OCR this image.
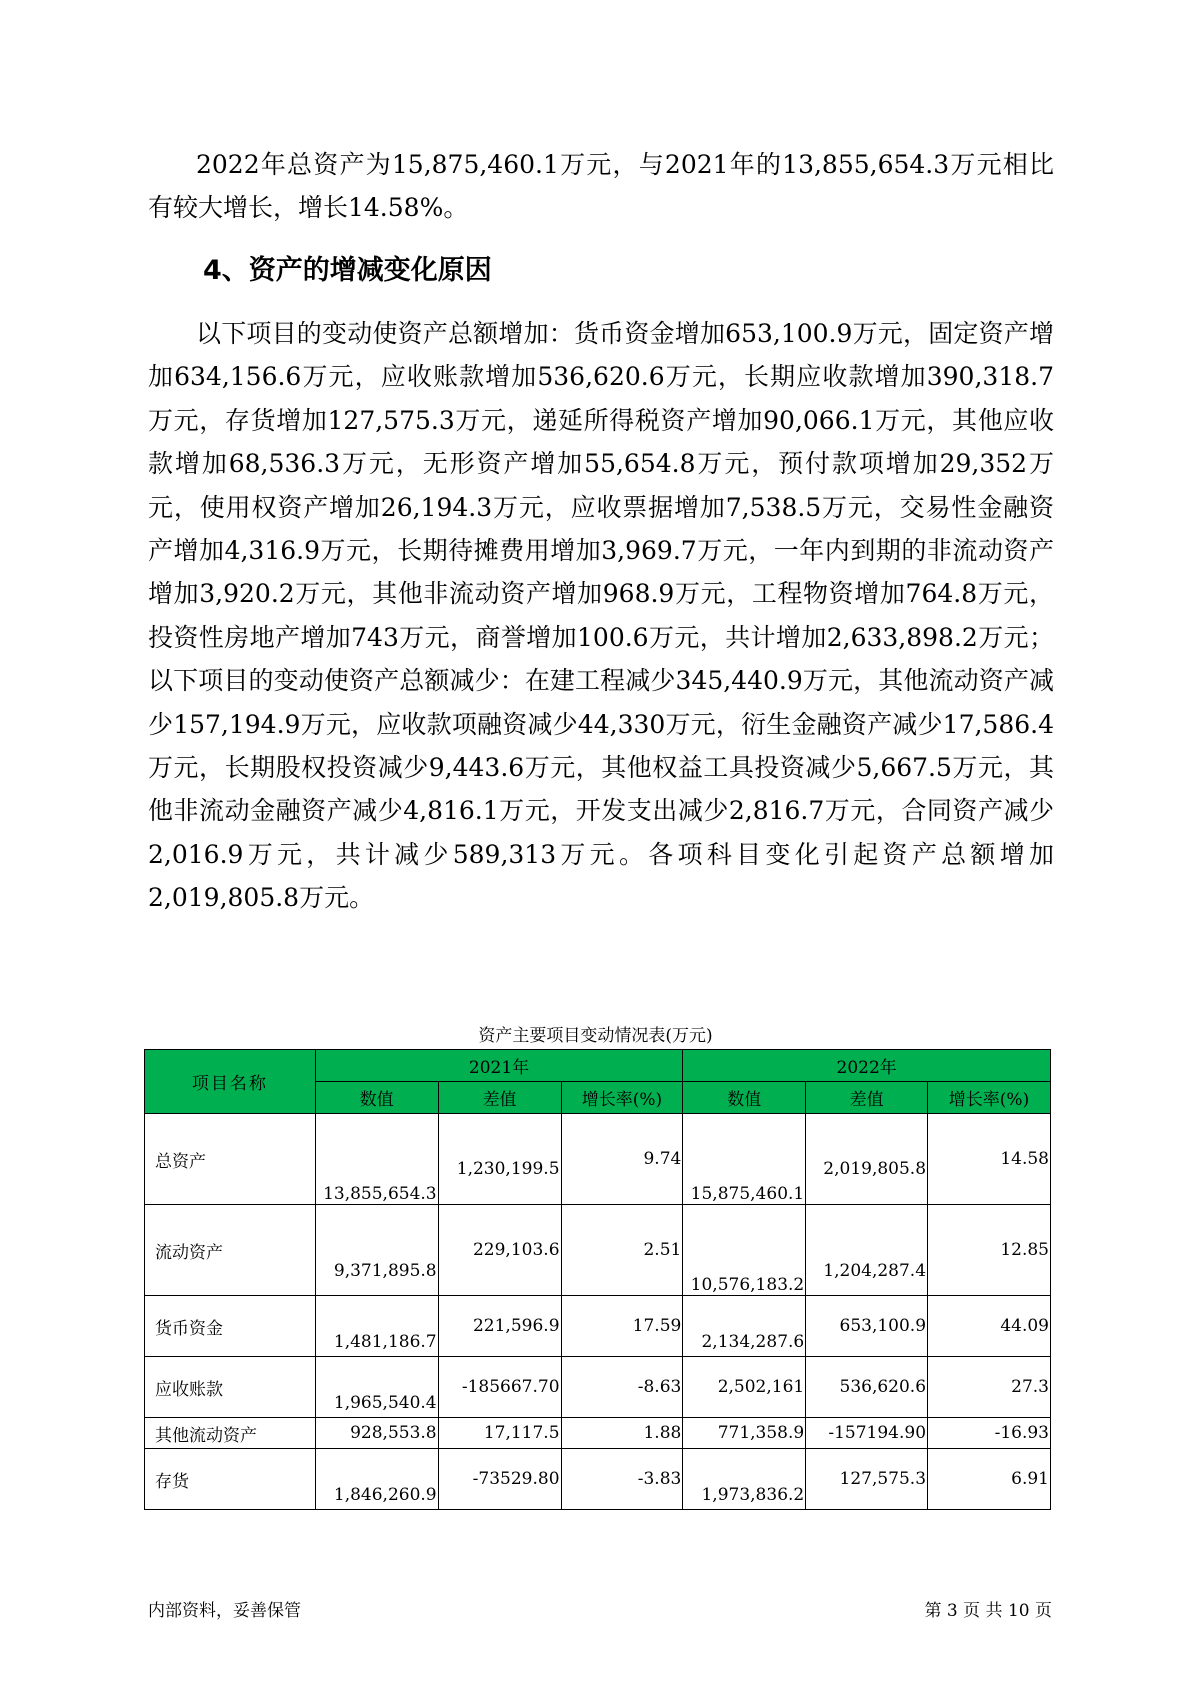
2022年总资产为15,875,460.1万元，与2021年的13,855,654.3万元相比有较大增长，增长14.58%。

4、资产的增减变化原因

以下项目的变动使资产总额增加：货币资金增加653,100.9万元，固定资产增加634,156.6万元，应收账款增加536,620.6万元，长期应收款增加390,318.7万元，存货增加127,575.3万元，递延所得税资产增加90,066.1万元，其他应收款增加68,536.3万元，无形资产增加55,654.8万元，预付款项增加29,352万元，使用权资产增加26,194.3万元，应收票据增加7,538.5万元，交易性金融资产增加4,316.9万元，长期待摊费用增加3,969.7万元，一年内到期的非流动资产增加3,920.2万元，其他非流动资产增加968.9万元，工程物资增加764.8万元，投资性房地产增加743万元，商誉增加100.6万元，共计增加2,633,898.2万元；以下项目的变动使资产总额减少：在建工程减少345,440.9万元，其他流动资产减少157,194.9万元，应收款项融资减少44,330万元，衍生金融资产减少17,586.4万元，长期股权投资减少9,443.6万元，其他权益工具投资减少5,667.5万元，其他非流动金融资产减少4,816.1万元，开发支出减少2,816.7万元，合同资产减少2,016.9万元，共计减少589,313万元。各项科目变化引起资产总额增加2,019,805.8万元。

资产主要项目变动情况表(万元)

项目名称	2021年			2022年		
	数值	差值	增长率(%)	数值	差值	增长率(%)
总资产	13,855,654.3	1,230,199.5	9.74	15,875,460.1	2,019,805.8	14.58
流动资产	9,371,895.8	229,103.6	2.51	10,576,183.2	1,204,287.4	12.85
货币资金	1,481,186.7	221,596.9	17.59	2,134,287.6	653,100.9	44.09
应收账款	1,965,540.4	-185667.70	-8.63	2,502,161	536,620.6	27.3
其他流动资产	928,553.8	17,117.5	1.88	771,358.9	-157194.90	-16.93
存货	1,846,260.9	-73529.80	-3.83	1,973,836.2	127,575.3	6.91

内部资料，妥善保管	第 3 页 共 10 页
